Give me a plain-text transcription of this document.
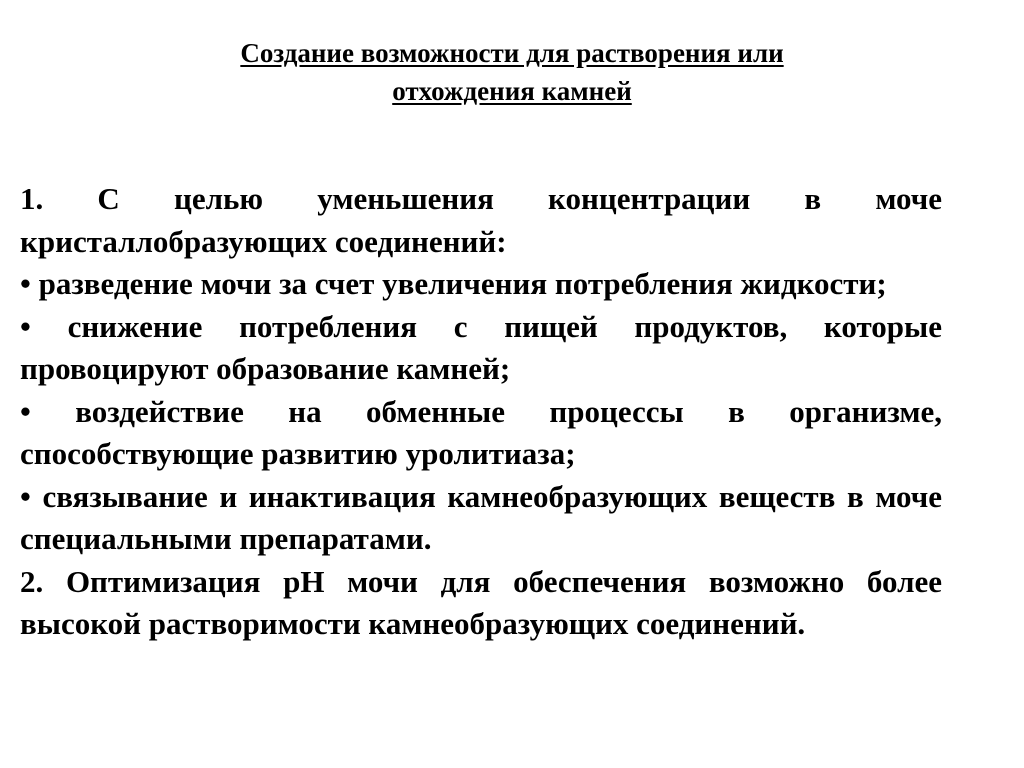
Создание возможности для растворения или
отхождения камней

1. С целью уменьшения концентрации в моче кристаллобразующих соединений:

• разведение мочи за счет увеличения потребления жидкости;

• снижение потребления с пищей продуктов, которые провоцируют образование камней;

• воздействие на обменные процессы в организме, способствующие развитию уролитиаза;

• связывание и инактивация камнеобразующих веществ в моче специальными препаратами.

2. Оптимизация рН мочи для обеспечения возможно более высокой растворимости камнеобразующих соединений.
